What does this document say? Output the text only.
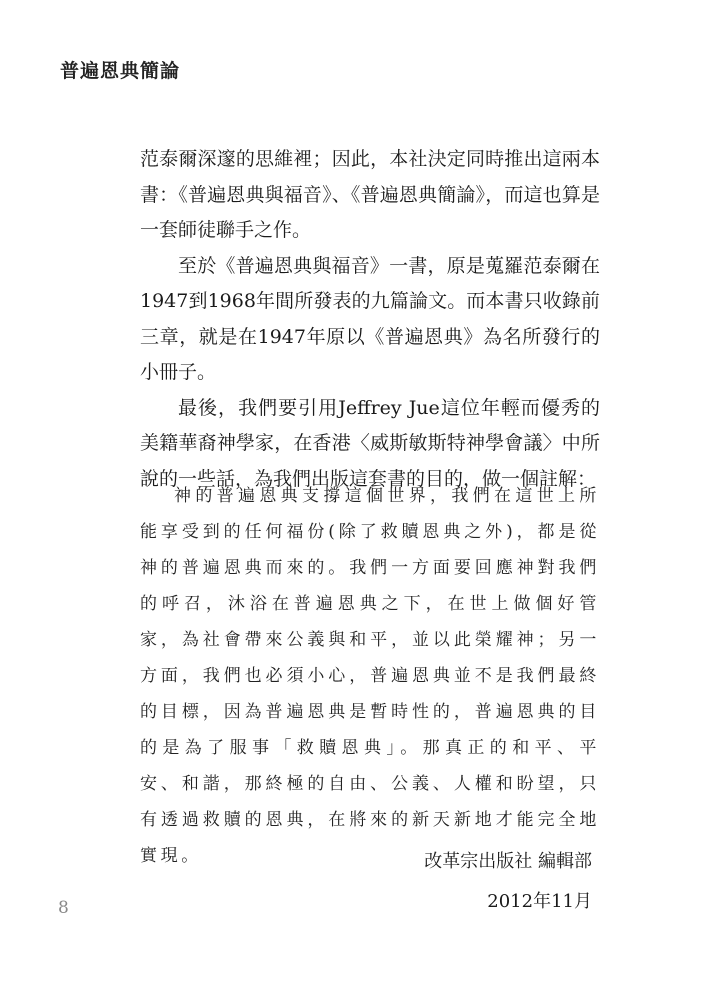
普遍恩典簡論

范泰爾深邃的思維裡；因此，本社決定同時推出這兩本書：《普遍恩典與福音》、《普遍恩典簡論》，而這也算是一套師徒聯手之作。

至於《普遍恩典與福音》一書，原是蒐羅范泰爾在1947到1968年間所發表的九篇論文。而本書只收錄前三章，就是在1947年原以《普遍恩典》為名所發行的小冊子。

最後，我們要引用Jeffrey Jue這位年輕而優秀的美籍華裔神學家，在香港〈威斯敏斯特神學會議〉中所說的一些話，為我們出版這套書的目的，做一個註解：

神的普遍恩典支撐這個世界，我們在這世上所能享受到的任何福份(除了救贖恩典之外)，都是從神的普遍恩典而來的。我們一方面要回應神對我們的呼召，沐浴在普遍恩典之下，在世上做個好管家，為社會帶來公義與和平，並以此榮耀神；另一方面，我們也必須小心，普遍恩典並不是我們最終的目標，因為普遍恩典是暫時性的，普遍恩典的目的是為了服事「救贖恩典」。那真正的和平、平安、和諧，那終極的自由、公義、人權和盼望，只有透過救贖的恩典，在將來的新天新地才能完全地實現。	改革宗出版社 編輯部
2012年11月
8
